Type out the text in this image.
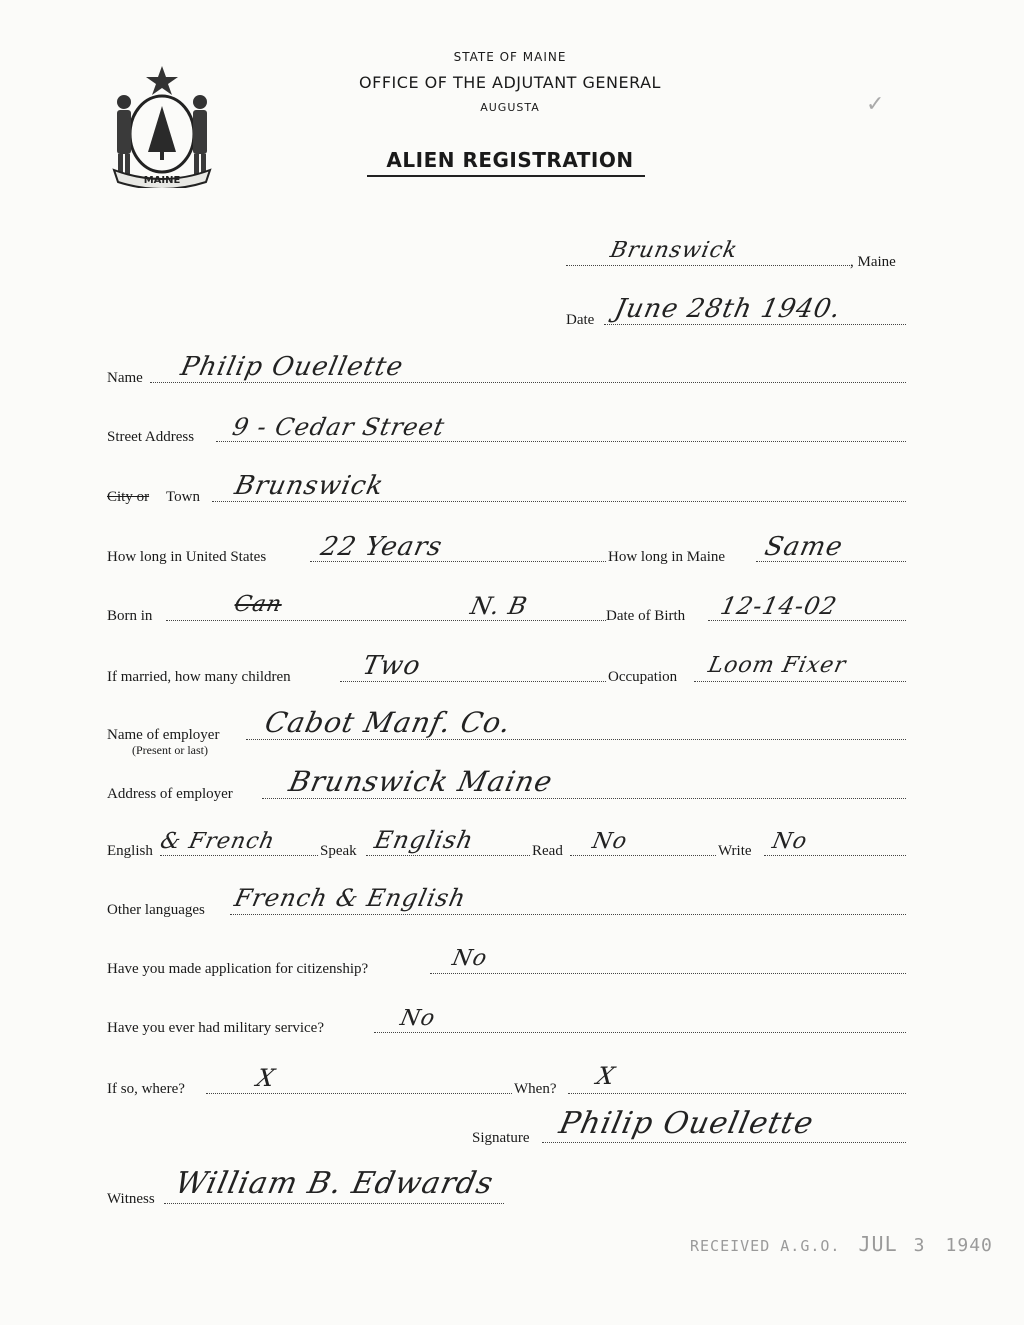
STATE OF MAINE
OFFICE OF THE ADJUTANT GENERAL
AUGUSTA
ALIEN REGISTRATION
MAINE
✓
Brunswick	, Maine
Date June 28th 1940.
Name Philip Ouellette
Street Address 9 - Cedar Street
City or Town Brunswick
How long in United States 22 Years	How long in Maine Same
Born in	Can	N. B	Date of Birth 12-14-02
If married, how many children	Two	Occupation Loom Fixer
Name of employer
(Present or last)
Cabot Manf. Co.
Address of employer Brunswick Maine
English & French	Speak English	Read No	Write No
Other languages French & English
Have you made application for citizenship?	No
Have you ever had military service?	No
If so, where?	X	When? X
Signature Philip Ouellette
Witness William B. Edwards
RECEIVED A.G.O. JUL 3 1940
